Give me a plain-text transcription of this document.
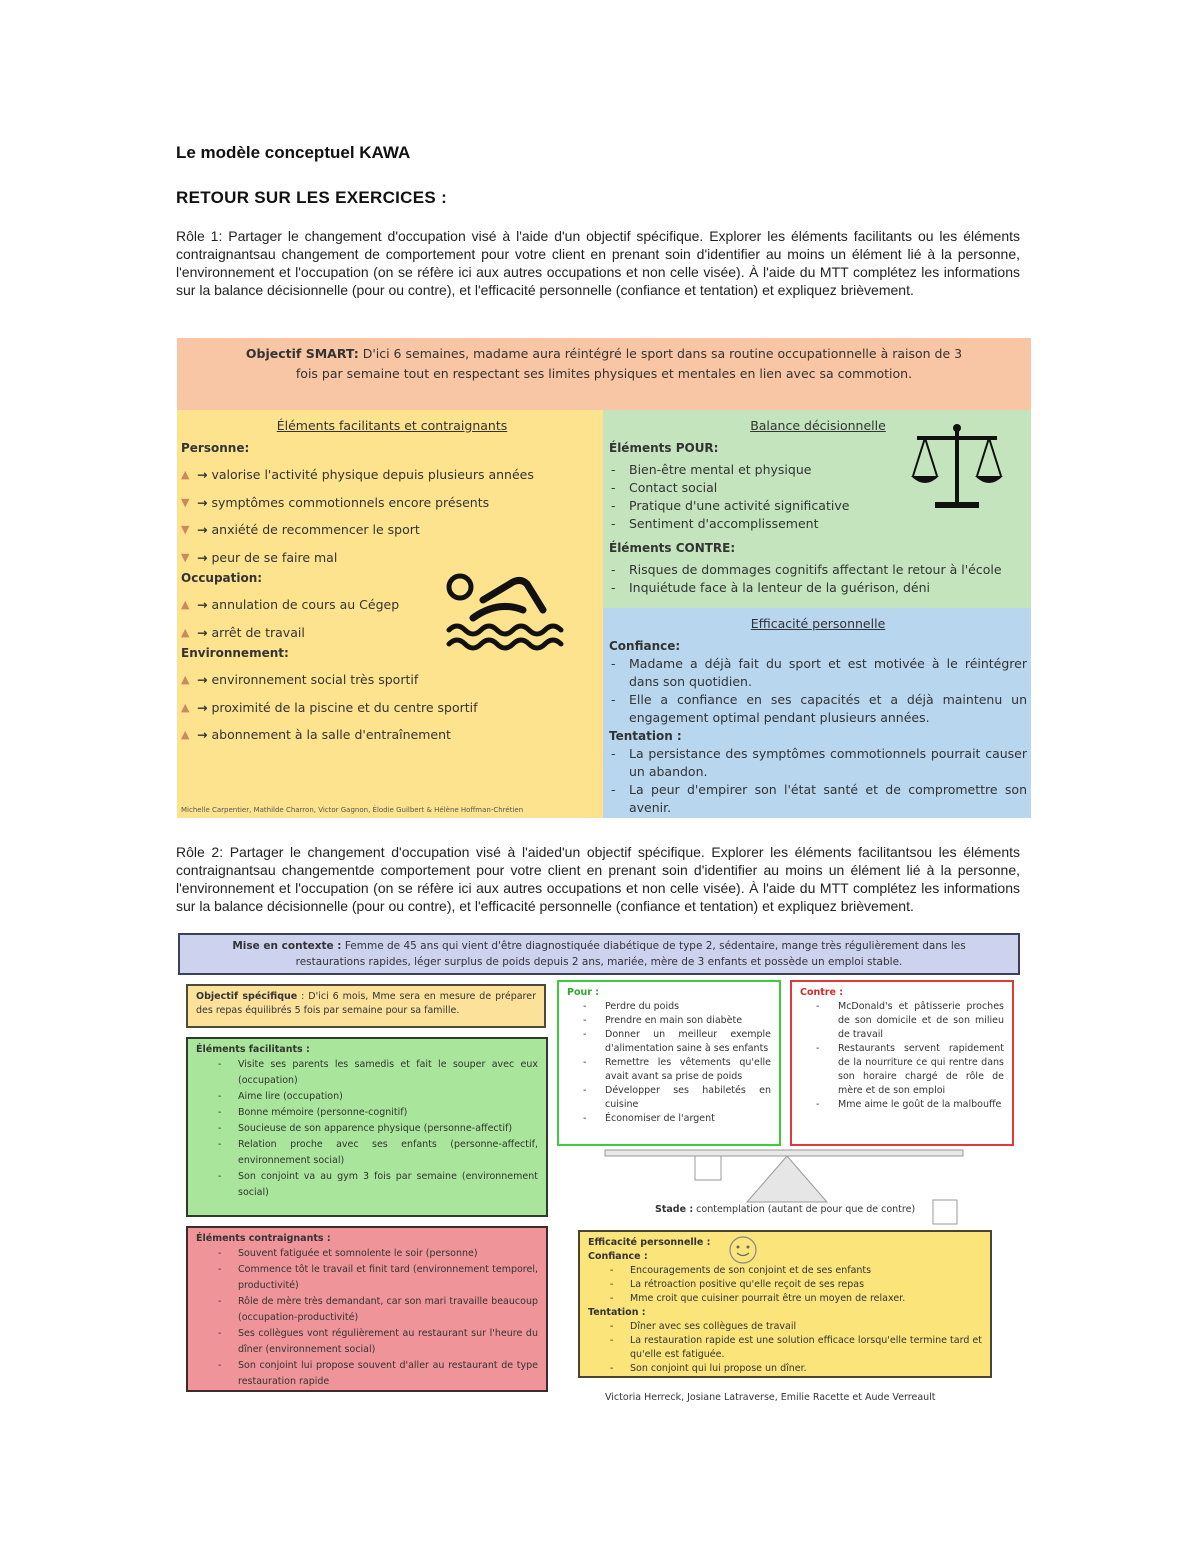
Le modèle conceptuel KAWA
RETOUR SUR LES EXERCICES :
Rôle 1: Partager le changement d'occupation visé à l'aide d'un objectif spécifique. Explorer les éléments facilitants ou les éléments contraignantsau changement de comportement pour votre client en prenant soin d'identifier au moins un élément lié à la personne, l'environnement et l'occupation (on se réfère ici aux autres occupations et non celle visée). À l'aide du MTT complétez les informations sur la balance décisionnelle (pour ou contre), et l'efficacité personnelle (confiance et tentation) et expliquez brièvement.
Objectif SMART: D'ici 6 semaines, madame aura réintégré le sport dans sa routine occupationnelle à raison de 3 fois par semaine tout en respectant ses limites physiques et mentales en lien avec sa commotion.
Éléments facilitants et contraignants
Personne:
▲ → valorise l'activité physique depuis plusieurs années
▼ → symptômes commotionnels encore présents
▼ → anxiété de recommencer le sport
▼ → peur de se faire mal
Occupation:
▲ → annulation de cours au Cégep
▲ → arrêt de travail
Environnement:
▲ → environnement social très sportif
▲ → proximité de la piscine et du centre sportif
▲ → abonnement à la salle d'entraînement
Michelle Carpentier, Mathilde Charron, Victor Gagnon, Élodie Guilbert & Hélène Hoffman-Chrétien
Balance décisionnelle
Éléments POUR:
- Bien-être mental et physique
- Contact social
- Pratique d'une activité significative
- Sentiment d'accomplissement
Éléments CONTRE:
- Risques de dommages cognitifs affectant le retour à l'école
- Inquiétude face à la lenteur de la guérison, déni
Efficacité personnelle
Confiance:
- Madame a déjà fait du sport et est motivée à le réintégrer dans son quotidien.
- Elle a confiance en ses capacités et a déjà maintenu un engagement optimal pendant plusieurs années.
Tentation :
- La persistance des symptômes commotionnels pourrait causer un abandon.
- La peur d'empirer son l'état santé et de compromettre son avenir.
Rôle 2: Partager le changement d'occupation visé à l'aided'un objectif spécifique. Explorer les éléments facilitantsou les éléments contraignantsau changementde comportement pour votre client en prenant soin d'identifier au moins un élément lié à la personne, l'environnement et l'occupation (on se réfère ici aux autres occupations et non celle visée). À l'aide du MTT complétez les informations sur la balance décisionnelle (pour ou contre), et l'efficacité personnelle (confiance et tentation) et expliquez brièvement.
Mise en contexte : Femme de 45 ans qui vient d'être diagnostiquée diabétique de type 2, sédentaire, mange très régulièrement dans les restaurations rapides, léger surplus de poids depuis 2 ans, mariée, mère de 3 enfants et possède un emploi stable.
Objectif spécifique : D'ici 6 mois, Mme sera en mesure de préparer des repas équilibrés 5 fois par semaine pour sa famille.
Éléments facilitants :
- Visite ses parents les samedis et fait le souper avec eux (occupation)
- Aime lire (occupation)
- Bonne mémoire (personne-cognitif)
- Soucieuse de son apparence physique (personne-affectif)
- Relation proche avec ses enfants (personne-affectif, environnement social)
- Son conjoint va au gym 3 fois par semaine (environnement social)
Éléments contraignants :
- Souvent fatiguée et somnolente le soir (personne)
- Commence tôt le travail et finit tard (environnement temporel, productivité)
- Rôle de mère très demandant, car son mari travaille beaucoup (occupation-productivité)
- Ses collègues vont régulièrement au restaurant sur l'heure du dîner (environnement social)
- Son conjoint lui propose souvent d'aller au restaurant de type restauration rapide
Pour :
- Perdre du poids
- Prendre en main son diabète
- Donner un meilleur exemple d'alimentation saine à ses enfants
- Remettre les vêtements qu'elle avait avant sa prise de poids
- Développer ses habiletés en cuisine
- Économiser de l'argent
Contre :
- McDonald's et pâtisserie proches de son domicile et de son milieu de travail
- Restaurants servent rapidement de la nourriture ce qui rentre dans son horaire chargé de rôle de mère et de son emploi
- Mme aime le goût de la malbouffe
Stade : contemplation (autant de pour que de contre)
Efficacité personnelle :
Confiance :
- Encouragements de son conjoint et de ses enfants
- La rétroaction positive qu'elle reçoit de ses repas
- Mme croit que cuisiner pourrait être un moyen de relaxer.
Tentation :
- Dîner avec ses collègues de travail
- La restauration rapide est une solution efficace lorsqu'elle termine tard et qu'elle est fatiguée.
- Son conjoint qui lui propose un dîner.
Victoria Herreck, Josiane Latraverse, Emilie Racette et Aude Verreault
